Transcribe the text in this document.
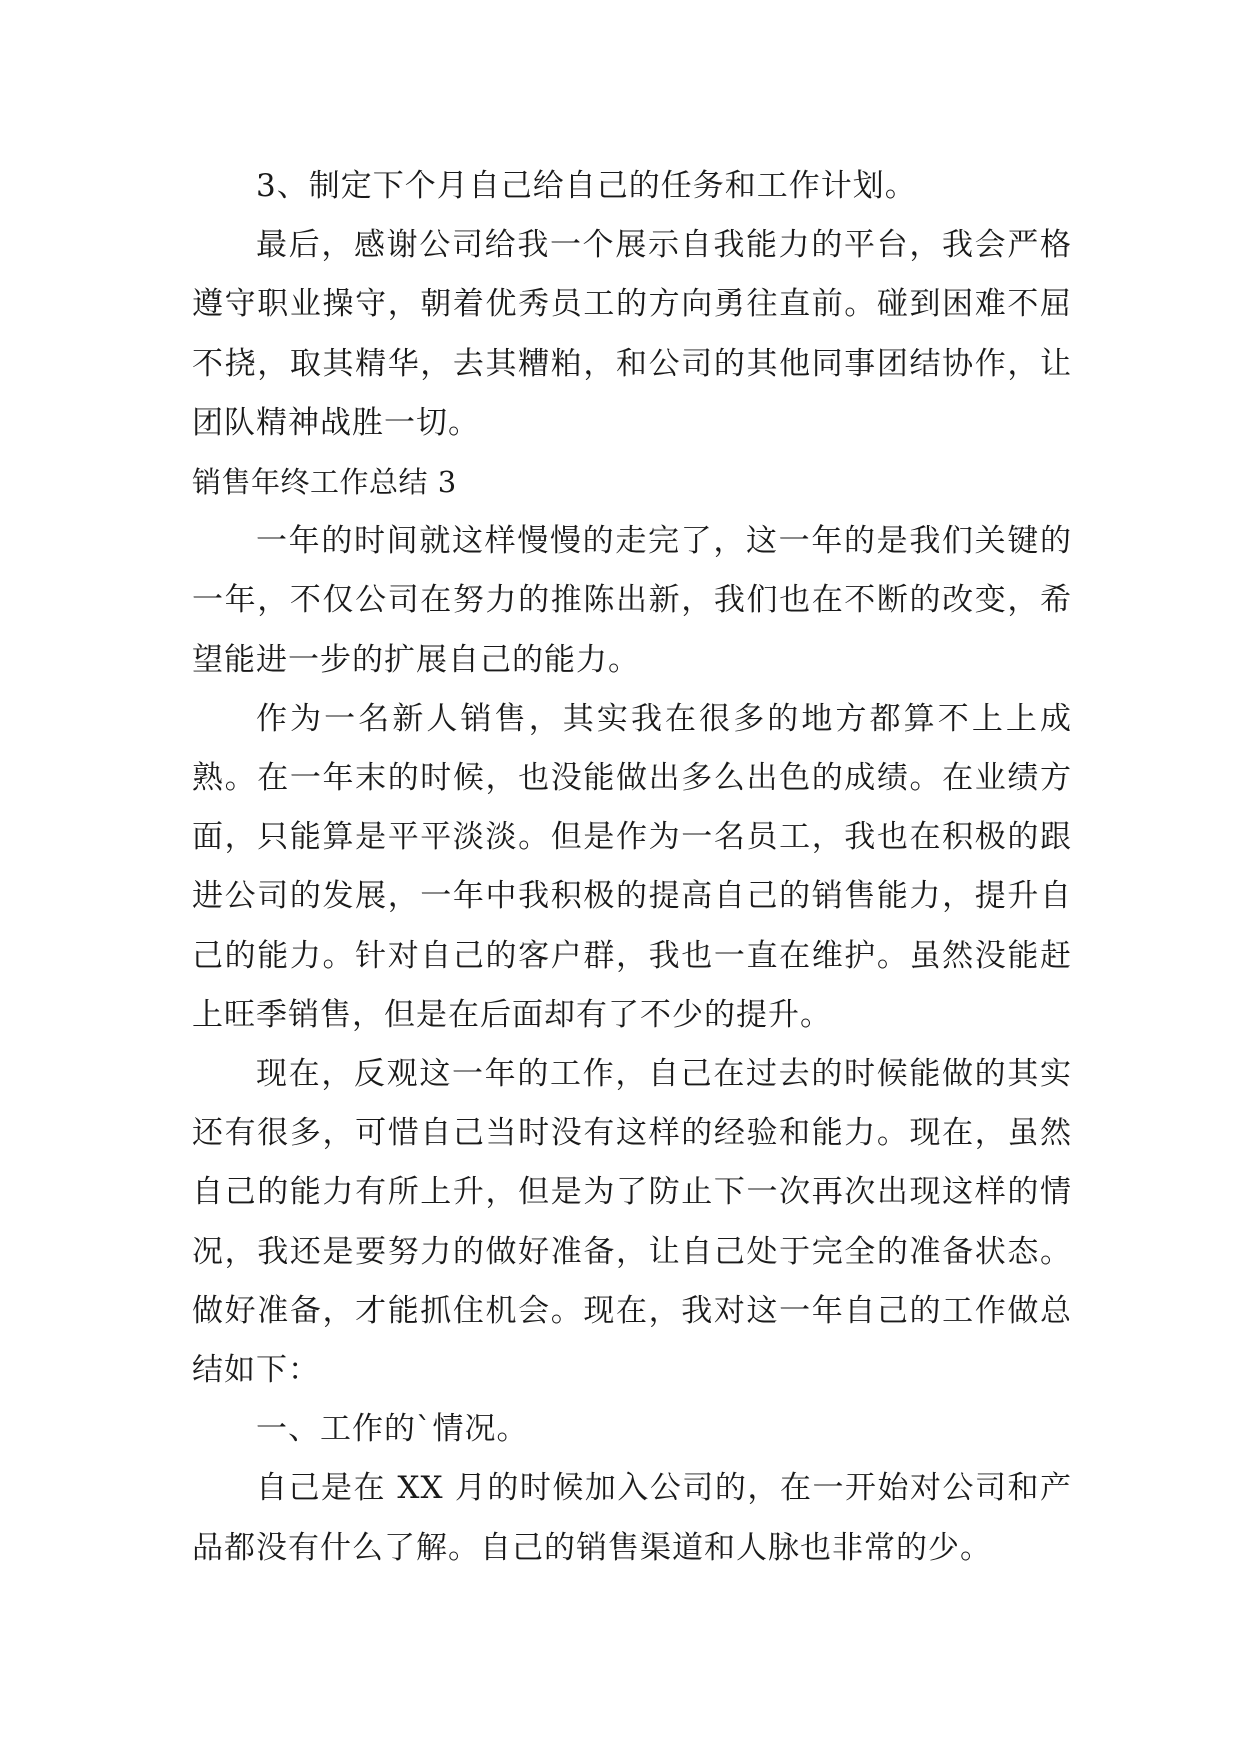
3、制定下个月自己给自己的任务和工作计划。

最后，感谢公司给我一个展示自我能力的平台，我会严格遵守职业操守，朝着优秀员工的方向勇往直前。碰到困难不屈不挠，取其精华，去其糟粕，和公司的其他同事团结协作，让团队精神战胜一切。

销售年终工作总结 3

一年的时间就这样慢慢的走完了，这一年的是我们关键的一年，不仅公司在努力的推陈出新，我们也在不断的改变，希望能进一步的扩展自己的能力。

作为一名新人销售，其实我在很多的地方都算不上上成熟。在一年末的时候，也没能做出多么出色的成绩。在业绩方面，只能算是平平淡淡。但是作为一名员工，我也在积极的跟进公司的发展，一年中我积极的提高自己的销售能力，提升自己的能力。针对自己的客户群，我也一直在维护。虽然没能赶上旺季销售，但是在后面却有了不少的提升。

现在，反观这一年的工作，自己在过去的时候能做的其实还有很多，可惜自己当时没有这样的经验和能力。现在，虽然自己的能力有所上升，但是为了防止下一次再次出现这样的情况，我还是要努力的做好准备，让自己处于完全的准备状态。做好准备，才能抓住机会。现在，我对这一年自己的工作做总结如下：

一、工作的`情况。

自己是在 XX 月的时候加入公司的，在一开始对公司和产品都没有什么了解。自己的销售渠道和人脉也非常的少。
